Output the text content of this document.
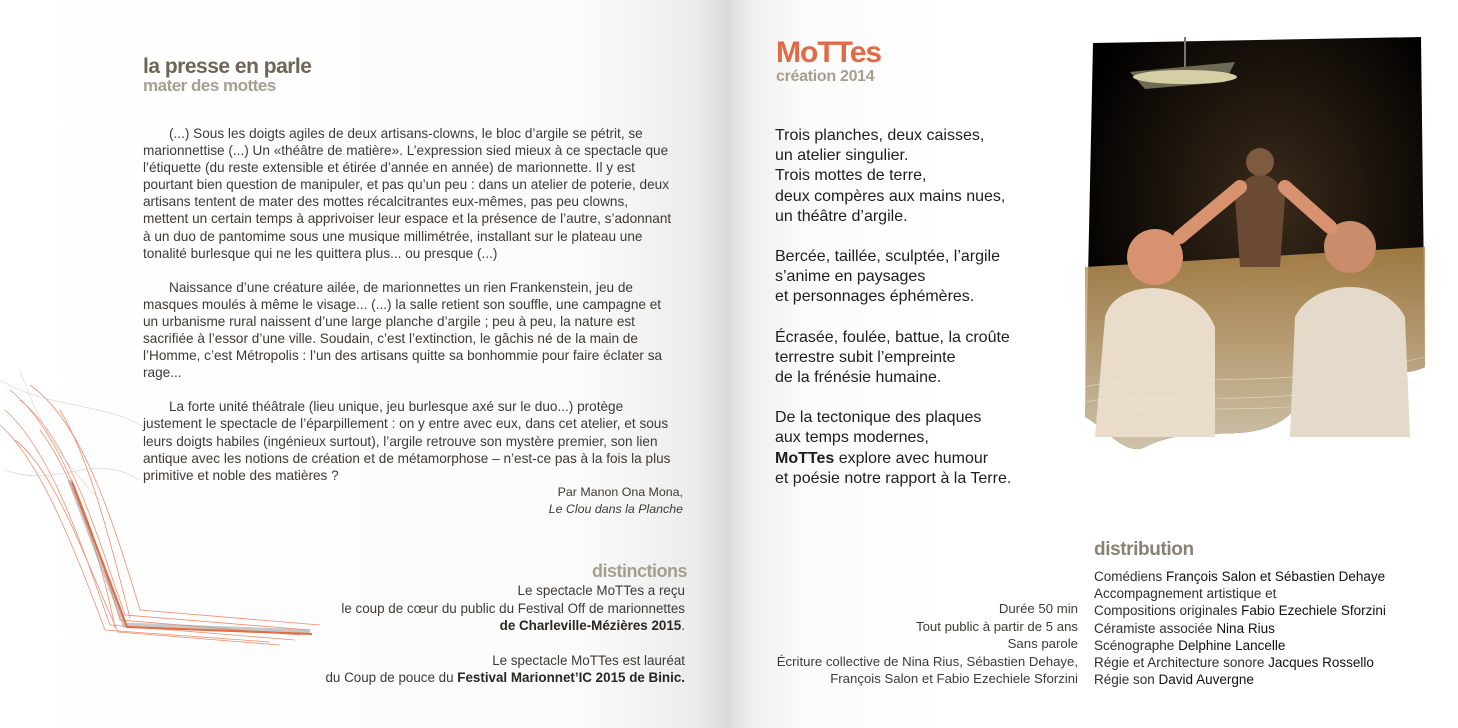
la presse en parle
mater des mottes

(...) Sous les doigts agiles de deux artisans-clowns, le bloc d’argile se pétrit, se marionnettise (...) Un «théâtre de matière». L’expression sied mieux à ce spectacle que l’étiquette (du reste extensible et étirée d’année en année) de marionnette. Il y est pourtant bien question de manipuler, et pas qu’un peu : dans un atelier de poterie, deux artisans tentent de mater des mottes récalcitrantes eux-mêmes, pas peu clowns, mettent un certain temps à apprivoiser leur espace et la présence de l’autre, s’adonnant à un duo de pantomime sous une musique millimétrée, installant sur le plateau une tonalité burlesque qui ne les quittera plus... ou presque (...)

Naissance d’une créature ailée, de marionnettes un rien Frankenstein, jeu de masques moulés à même le visage... (...) la salle retient son souffle, une campagne et un urbanisme rural naissent d’une large planche d’argile ; peu à peu, la nature est sacrifiée à l’essor d’une ville. Soudain, c’est l’extinction, le gâchis né de la main de l’Homme, c’est Métropolis : l’un des artisans quitte sa bonhommie pour faire éclater sa rage...

La forte unité théâtrale (lieu unique, jeu burlesque axé sur le duo...) protège justement le spectacle de l’éparpillement : on y entre avec eux, dans cet atelier, et sous leurs doigts habiles (ingénieux surtout), l’argile retrouve son mystère premier, son lien antique avec les notions de création et de métamorphose – n’est-ce pas à la fois la plus primitive et noble des matières ?

Par Manon Ona Mona,
Le Clou dans la Planche
distinctions

Le spectacle MoTTes a reçu
le coup de cœur du public du Festival Off de marionnettes
de Charleville-Mézières 2015.

Le spectacle MoTTes est lauréat
du Coup de pouce du Festival Marionnet’IC 2015 de Binic.

MoTTes
création 2014

Trois planches, deux caisses,
un atelier singulier.
Trois mottes de terre,
deux compères aux mains nues,
un théâtre d’argile.

Bercée, taillée, sculptée, l’argile
s’anime en paysages
et personnages éphémères.

Écrasée, foulée, battue, la croûte
terrestre subit l’empreinte
de la frénésie humaine.

De la tectonique des plaques
aux temps modernes,
MoTTes explore avec humour
et poésie notre rapport à la Terre.

Durée 50 min
Tout public à partir de 5 ans
Sans parole
Écriture collective de Nina Rius, Sébastien Dehaye,
François Salon et Fabio Ezechiele Sforzini
distribution
Comédiens François Salon et Sébastien Dehaye
Accompagnement artistique et
Compositions originales Fabio Ezechiele Sforzini
Céramiste associée Nina Rius
Scénographe Delphine Lancelle
Régie et Architecture sonore Jacques Rossello
Régie son David Auvergne
